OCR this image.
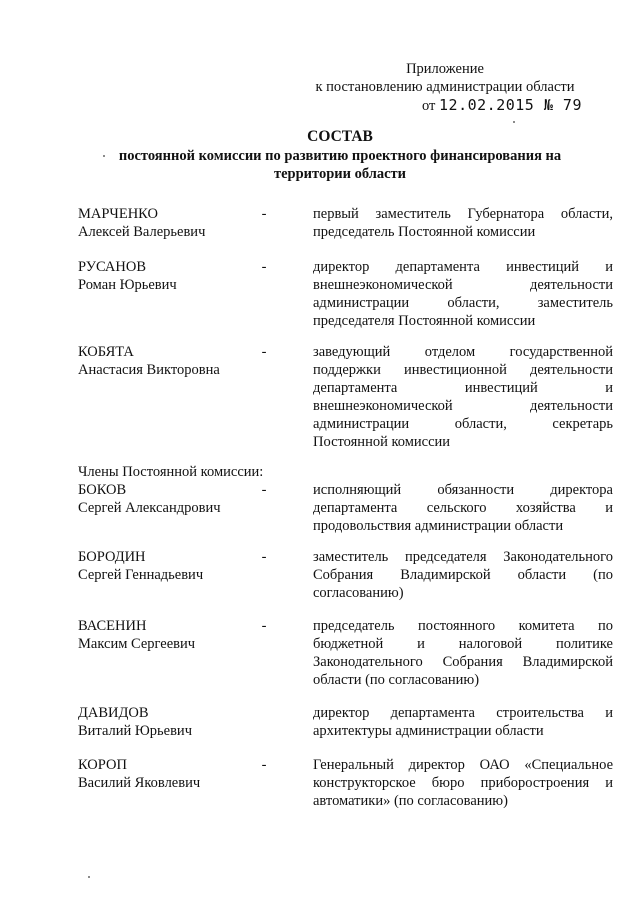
Приложение
к постановлению администрации области
от 12.02.2015 № 79
СОСТАВ
постоянной комиссии по развитию проектного финансирования на
территории области
Члены Постоянной комиссии:
МАРЧЕНКО
Алексей Валерьевич
-	первый заместитель Губернатора области,
председатель Постоянной комиссии
РУСАНОВ
Роман Юрьевич
-	директор департамента инвестиций и
внешнеэкономической деятельности
администрации области, заместитель
председателя Постоянной комиссии
КОБЯТА
Анастасия Викторовна
-	заведующий отделом государственной
поддержки инвестиционной деятельности
департамента инвестиций и
внешнеэкономической деятельности
администрации области, секретарь
Постоянной комиссии
БОКОВ
Сергей Александрович
-	исполняющий обязанности директора
департамента сельского хозяйства и
продовольствия администрации области
БОРОДИН
Сергей Геннадьевич
-	заместитель председателя Законодательного
Собрания Владимирской области (по
согласованию)
ВАСЕНИН
Максим Сергеевич
-	председатель постоянного комитета по
бюджетной и налоговой политике
Законодательного Собрания Владимирской
области (по согласованию)
ДАВИДОВ
Виталий Юрьевич
директор департамента строительства и
архитектуры администрации области
КОРОП
Василий Яковлевич
-	Генеральный директор ОАО «Специальное
конструкторское бюро приборостроения и
автоматики» (по согласованию)
